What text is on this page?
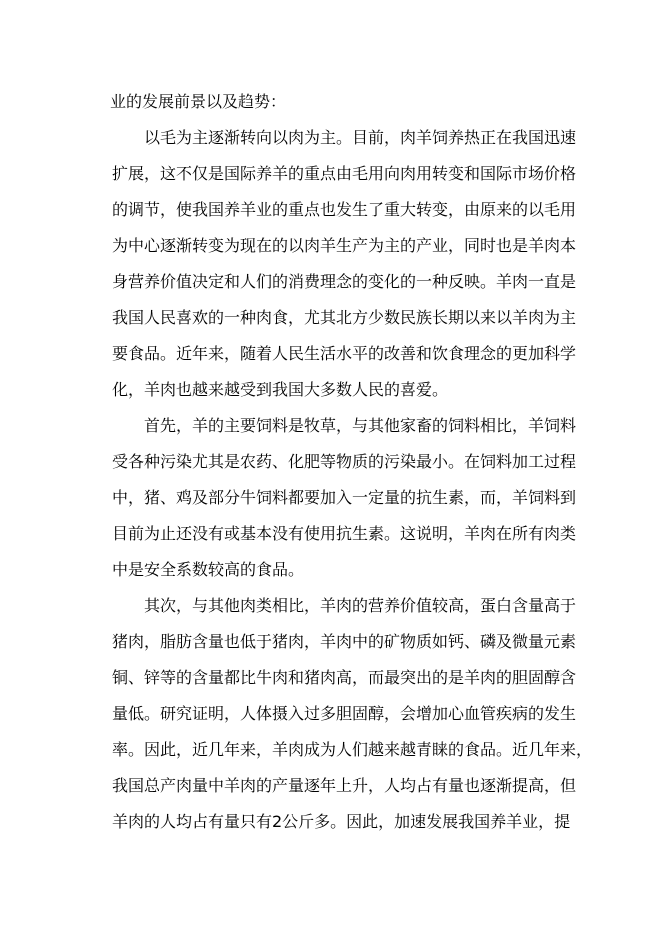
业的发展前景以及趋势：

以毛为主逐渐转向以肉为主。目前，肉羊饲养热正在我国迅速

扩展，这不仅是国际养羊的重点由毛用向肉用转变和国际市场价格

的调节，使我国养羊业的重点也发生了重大转变，由原来的以毛用

为中心逐渐转变为现在的以肉羊生产为主的产业，同时也是羊肉本

身营养价值决定和人们的消费理念的变化的一种反映。羊肉一直是

我国人民喜欢的一种肉食，尤其北方少数民族长期以来以羊肉为主

要食品。近年来，随着人民生活水平的改善和饮食理念的更加科学

化，羊肉也越来越受到我国大多数人民的喜爱。

首先，羊的主要饲料是牧草，与其他家畜的饲料相比，羊饲料

受各种污染尤其是农药、化肥等物质的污染最小。在饲料加工过程

中，猪、鸡及部分牛饲料都要加入一定量的抗生素，而，羊饲料到

目前为止还没有或基本没有使用抗生素。这说明，羊肉在所有肉类

中是安全系数较高的食品。

其次，与其他肉类相比，羊肉的营养价值较高，蛋白含量高于

猪肉，脂肪含量也低于猪肉，羊肉中的矿物质如钙、磷及微量元素

铜、锌等的含量都比牛肉和猪肉高，而最突出的是羊肉的胆固醇含

量低。研究证明，人体摄入过多胆固醇，会增加心血管疾病的发生

率。因此，近几年来，羊肉成为人们越来越青睐的食品。近几年来，

我国总产肉量中羊肉的产量逐年上升，人均占有量也逐渐提高，但

羊肉的人均占有量只有2公斤多。因此，加速发展我国养羊业，提
